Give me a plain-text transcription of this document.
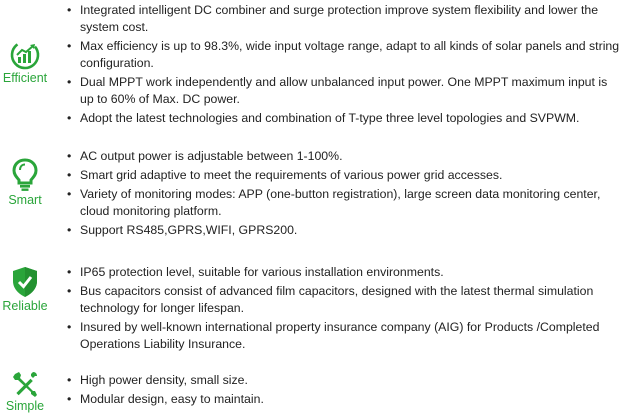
Efficient
• Integrated intelligent DC combiner and surge protection improve system flexibility and lower the system cost.
• Max efficiency is up to 98.3%, wide input voltage range, adapt to all kinds of solar panels and string configuration.
• Dual MPPT work independently and allow unbalanced input power. One MPPT maximum input is up to 60% of Max. DC power.
• Adopt the latest technologies and combination of T-type three level topologies and SVPWM.
Smart
• AC output power is adjustable between 1-100%.
• Smart grid adaptive to meet the requirements of various power grid accesses.
• Variety of monitoring modes: APP (one-button registration), large screen data monitoring center, cloud monitoring platform.
• Support RS485,GPRS,WIFI, GPRS200.
Reliable
• IP65 protection level, suitable for various installation environments.
• Bus capacitors consist of advanced film capacitors, designed with the latest thermal simulation technology for longer lifespan.
• Insured by well-known international property insurance company (AIG) for Products /Completed Operations Liability Insurance.
Simple
• High power density, small size.
• Modular design, easy to maintain.
